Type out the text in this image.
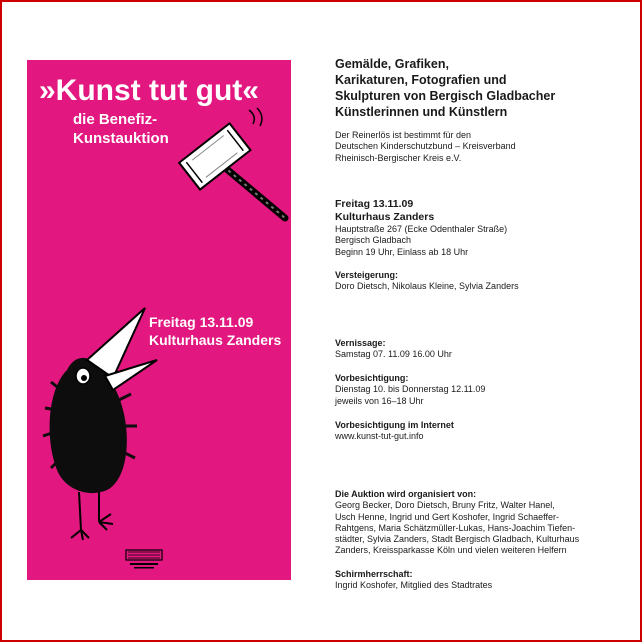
»Kunst tut gut«
die Benefiz-
Kunstauktion
Freitag 13.11.09
Kulturhaus Zanders
Gemälde, Grafiken,
Karikaturen, Fotografien und
Skulpturen von Bergisch Gladbacher
Künstlerinnen und Künstlern
Der Reinerlös ist bestimmt für den
Deutschen Kinderschutzbund – Kreisverband
Rheinisch-Bergischer Kreis e.V.
Freitag 13.11.09
Kulturhaus Zanders
Hauptstraße 267 (Ecke Odenthaler Straße)
Bergisch Gladbach
Beginn 19 Uhr, Einlass ab 18 Uhr
Versteigerung:
Doro Dietsch, Nikolaus Kleine, Sylvia Zanders
Vernissage:
Samstag 07. 11.09 16.00 Uhr
Vorbesichtigung:
Dienstag 10. bis Donnerstag 12.11.09
jeweils von 16–18 Uhr
Vorbesichtigung im Internet
www.kunst-tut-gut.info
Die Auktion wird organisiert von:
Georg Becker, Doro Dietsch, Bruny Fritz, Walter Hanel,
Usch Henne, Ingrid und Gert Koshofer, Ingrid Schaeffer-
Rahtgens, Maria Schätzmüller-Lukas, Hans-Joachim Tiefen-
städter, Sylvia Zanders, Stadt Bergisch Gladbach, Kulturhaus
Zanders, Kreissparkasse Köln und vielen weiteren Helfern
Schirmherrschaft:
Ingrid Koshofer, Mitglied des Stadtrates
